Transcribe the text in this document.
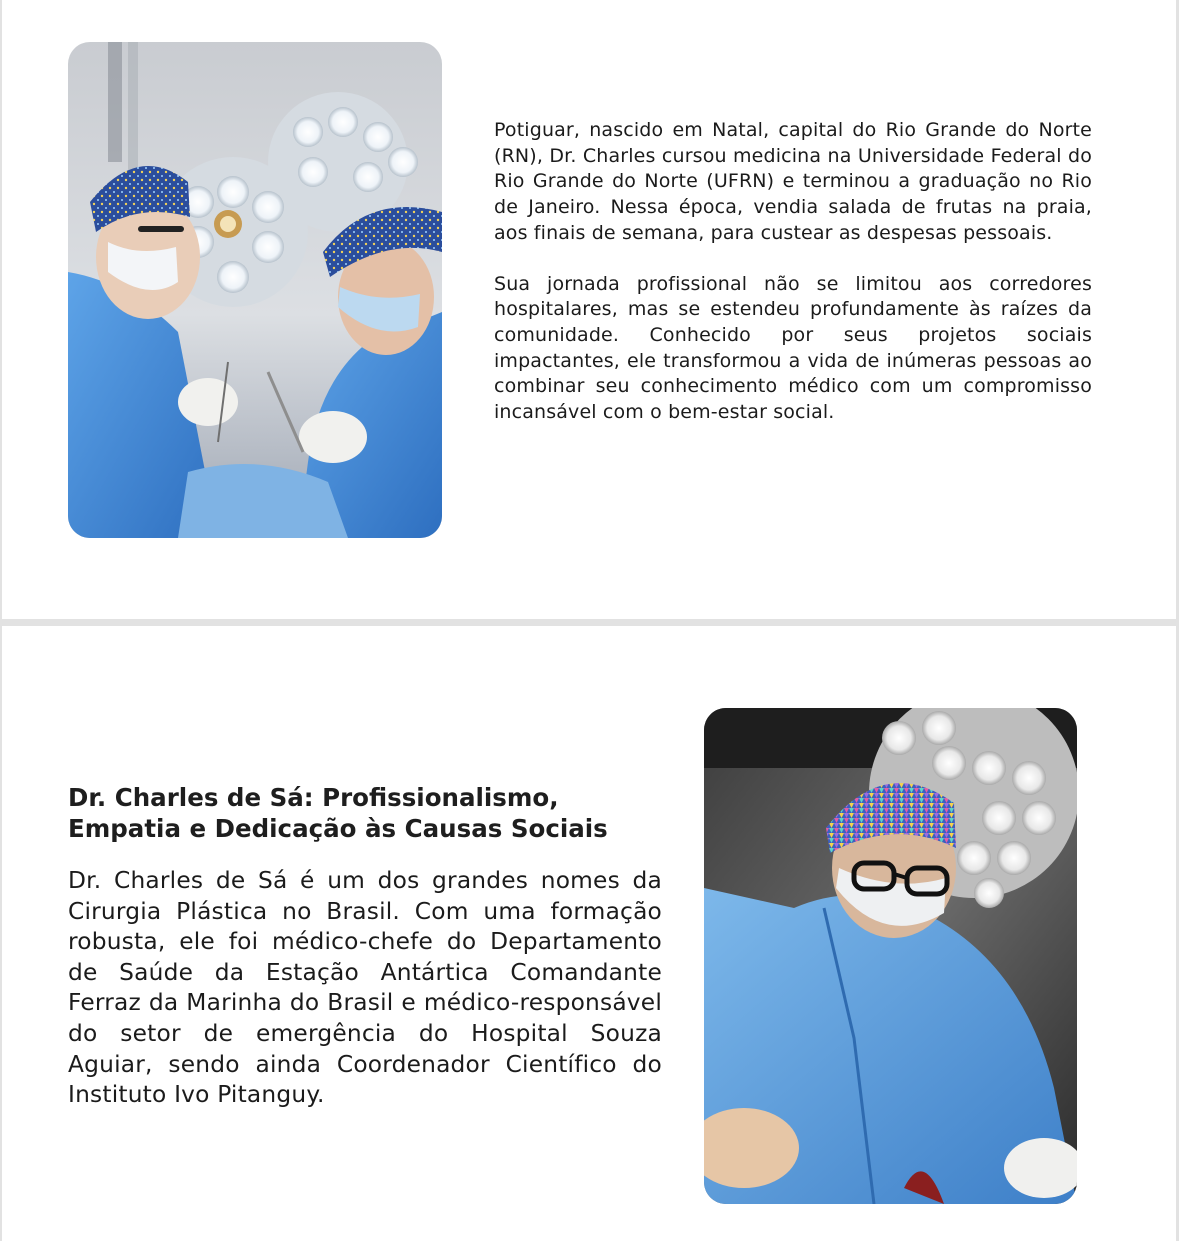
Potiguar, nascido em Natal, capital do Rio Grande do Norte (RN), Dr. Charles cursou medicina na Universidade Federal do Rio Grande do Norte (UFRN) e terminou a graduação no Rio de Janeiro. Nessa época, vendia salada de frutas na praia, aos finais de semana, para custear as despesas pessoais.

Sua jornada profissional não se limitou aos corredores hospitalares, mas se estendeu profundamente às raízes da comunidade. Conhecido por seus projetos sociais impactantes, ele transformou a vida de inúmeras pessoas ao combinar seu conhecimento médico com um compromisso incansável com o bem-estar social.

Dr. Charles de Sá: Profissionalismo, Empatia e Dedicação às Causas Sociais

Dr. Charles de Sá é um dos grandes nomes da Cirurgia Plástica no Brasil. Com uma formação robusta, ele foi médico-chefe do Departamento de Saúde da Estação Antártica Comandante Ferraz da Marinha do Brasil e médico-responsável do setor de emergência do Hospital Souza Aguiar, sendo ainda Coordenador Científico do Instituto Ivo Pitanguy.
